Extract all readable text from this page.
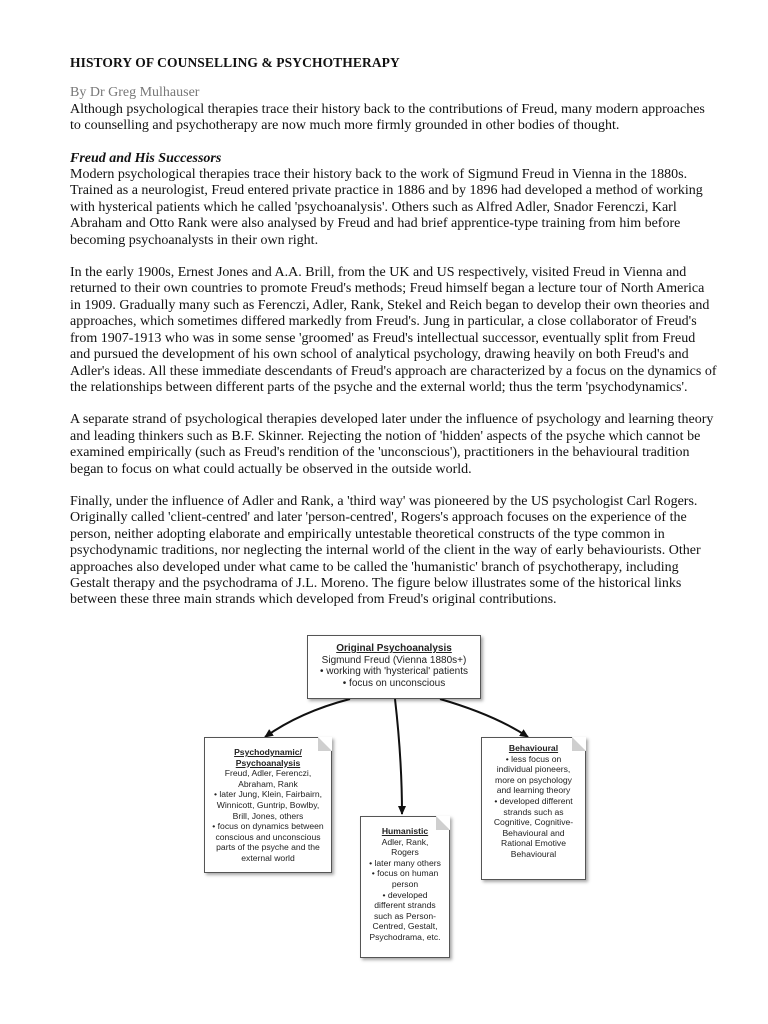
HISTORY OF COUNSELLING & PSYCHOTHERAPY

By Dr Greg Mulhauser

Although psychological therapies trace their history back to the contributions of Freud, many modern approaches to counselling and psychotherapy are now much more firmly grounded in other bodies of thought.

Freud and His Successors

Modern psychological therapies trace their history back to the work of Sigmund Freud in Vienna in the 1880s. Trained as a neurologist, Freud entered private practice in 1886 and by 1896 had developed a method of working with hysterical patients which he called 'psychoanalysis'. Others such as Alfred Adler, Snador Ferenczi, Karl Abraham and Otto Rank were also analysed by Freud and had brief apprentice-type training from him before becoming psychoanalysts in their own right.

In the early 1900s, Ernest Jones and A.A. Brill, from the UK and US respectively, visited Freud in Vienna and returned to their own countries to promote Freud's methods; Freud himself began a lecture tour of North America in 1909. Gradually many such as Ferenczi, Adler, Rank, Stekel and Reich began to develop their own theories and approaches, which sometimes differed markedly from Freud's. Jung in particular, a close collaborator of Freud's from 1907-1913 who was in some sense 'groomed' as Freud's intellectual successor, eventually split from Freud and pursued the development of his own school of analytical psychology, drawing heavily on both Freud's and Adler's ideas. All these immediate descendants of Freud's approach are characterized by a focus on the dynamics of the relationships between different parts of the psyche and the external world; thus the term 'psychodynamics'.

A separate strand of psychological therapies developed later under the influence of psychology and learning theory and leading thinkers such as B.F. Skinner. Rejecting the notion of 'hidden' aspects of the psyche which cannot be examined empirically (such as Freud's rendition of the 'unconscious'), practitioners in the behavioural tradition began to focus on what could actually be observed in the outside world.

Finally, under the influence of Adler and Rank, a 'third way' was pioneered by the US psychologist Carl Rogers. Originally called 'client-centred' and later 'person-centred', Rogers's approach focuses on the experience of the person, neither adopting elaborate and empirically untestable theoretical constructs of the type common in psychodynamic traditions, nor neglecting the internal world of the client in the way of early behaviourists. Other approaches also developed under what came to be called the 'humanistic' branch of psychotherapy, including Gestalt therapy and the psychodrama of J.L. Moreno. The figure below illustrates some of the historical links between these three main strands which developed from Freud's original contributions.

Original Psychoanalysis
Sigmund Freud (Vienna 1880s+)
• working with 'hysterical' patients
• focus on unconscious
Psychodynamic/
Psychoanalysis
Freud, Adler, Ferenczi,
Abraham, Rank
• later Jung, Klein, Fairbairn,
Winnicott, Guntrip, Bowlby,
Brill, Jones, others
• focus on dynamics between
conscious and unconscious
parts of the psyche and the
external world
Humanistic
Adler, Rank,
Rogers
• later many others
• focus on human
person
• developed
different strands
such as Person-
Centred, Gestalt,
Psychodrama, etc.
Behavioural
• less focus on
individual pioneers,
more on psychology
and learning theory
• developed different
strands such as
Cognitive, Cognitive-
Behavioural and
Rational Emotive
Behavioural
